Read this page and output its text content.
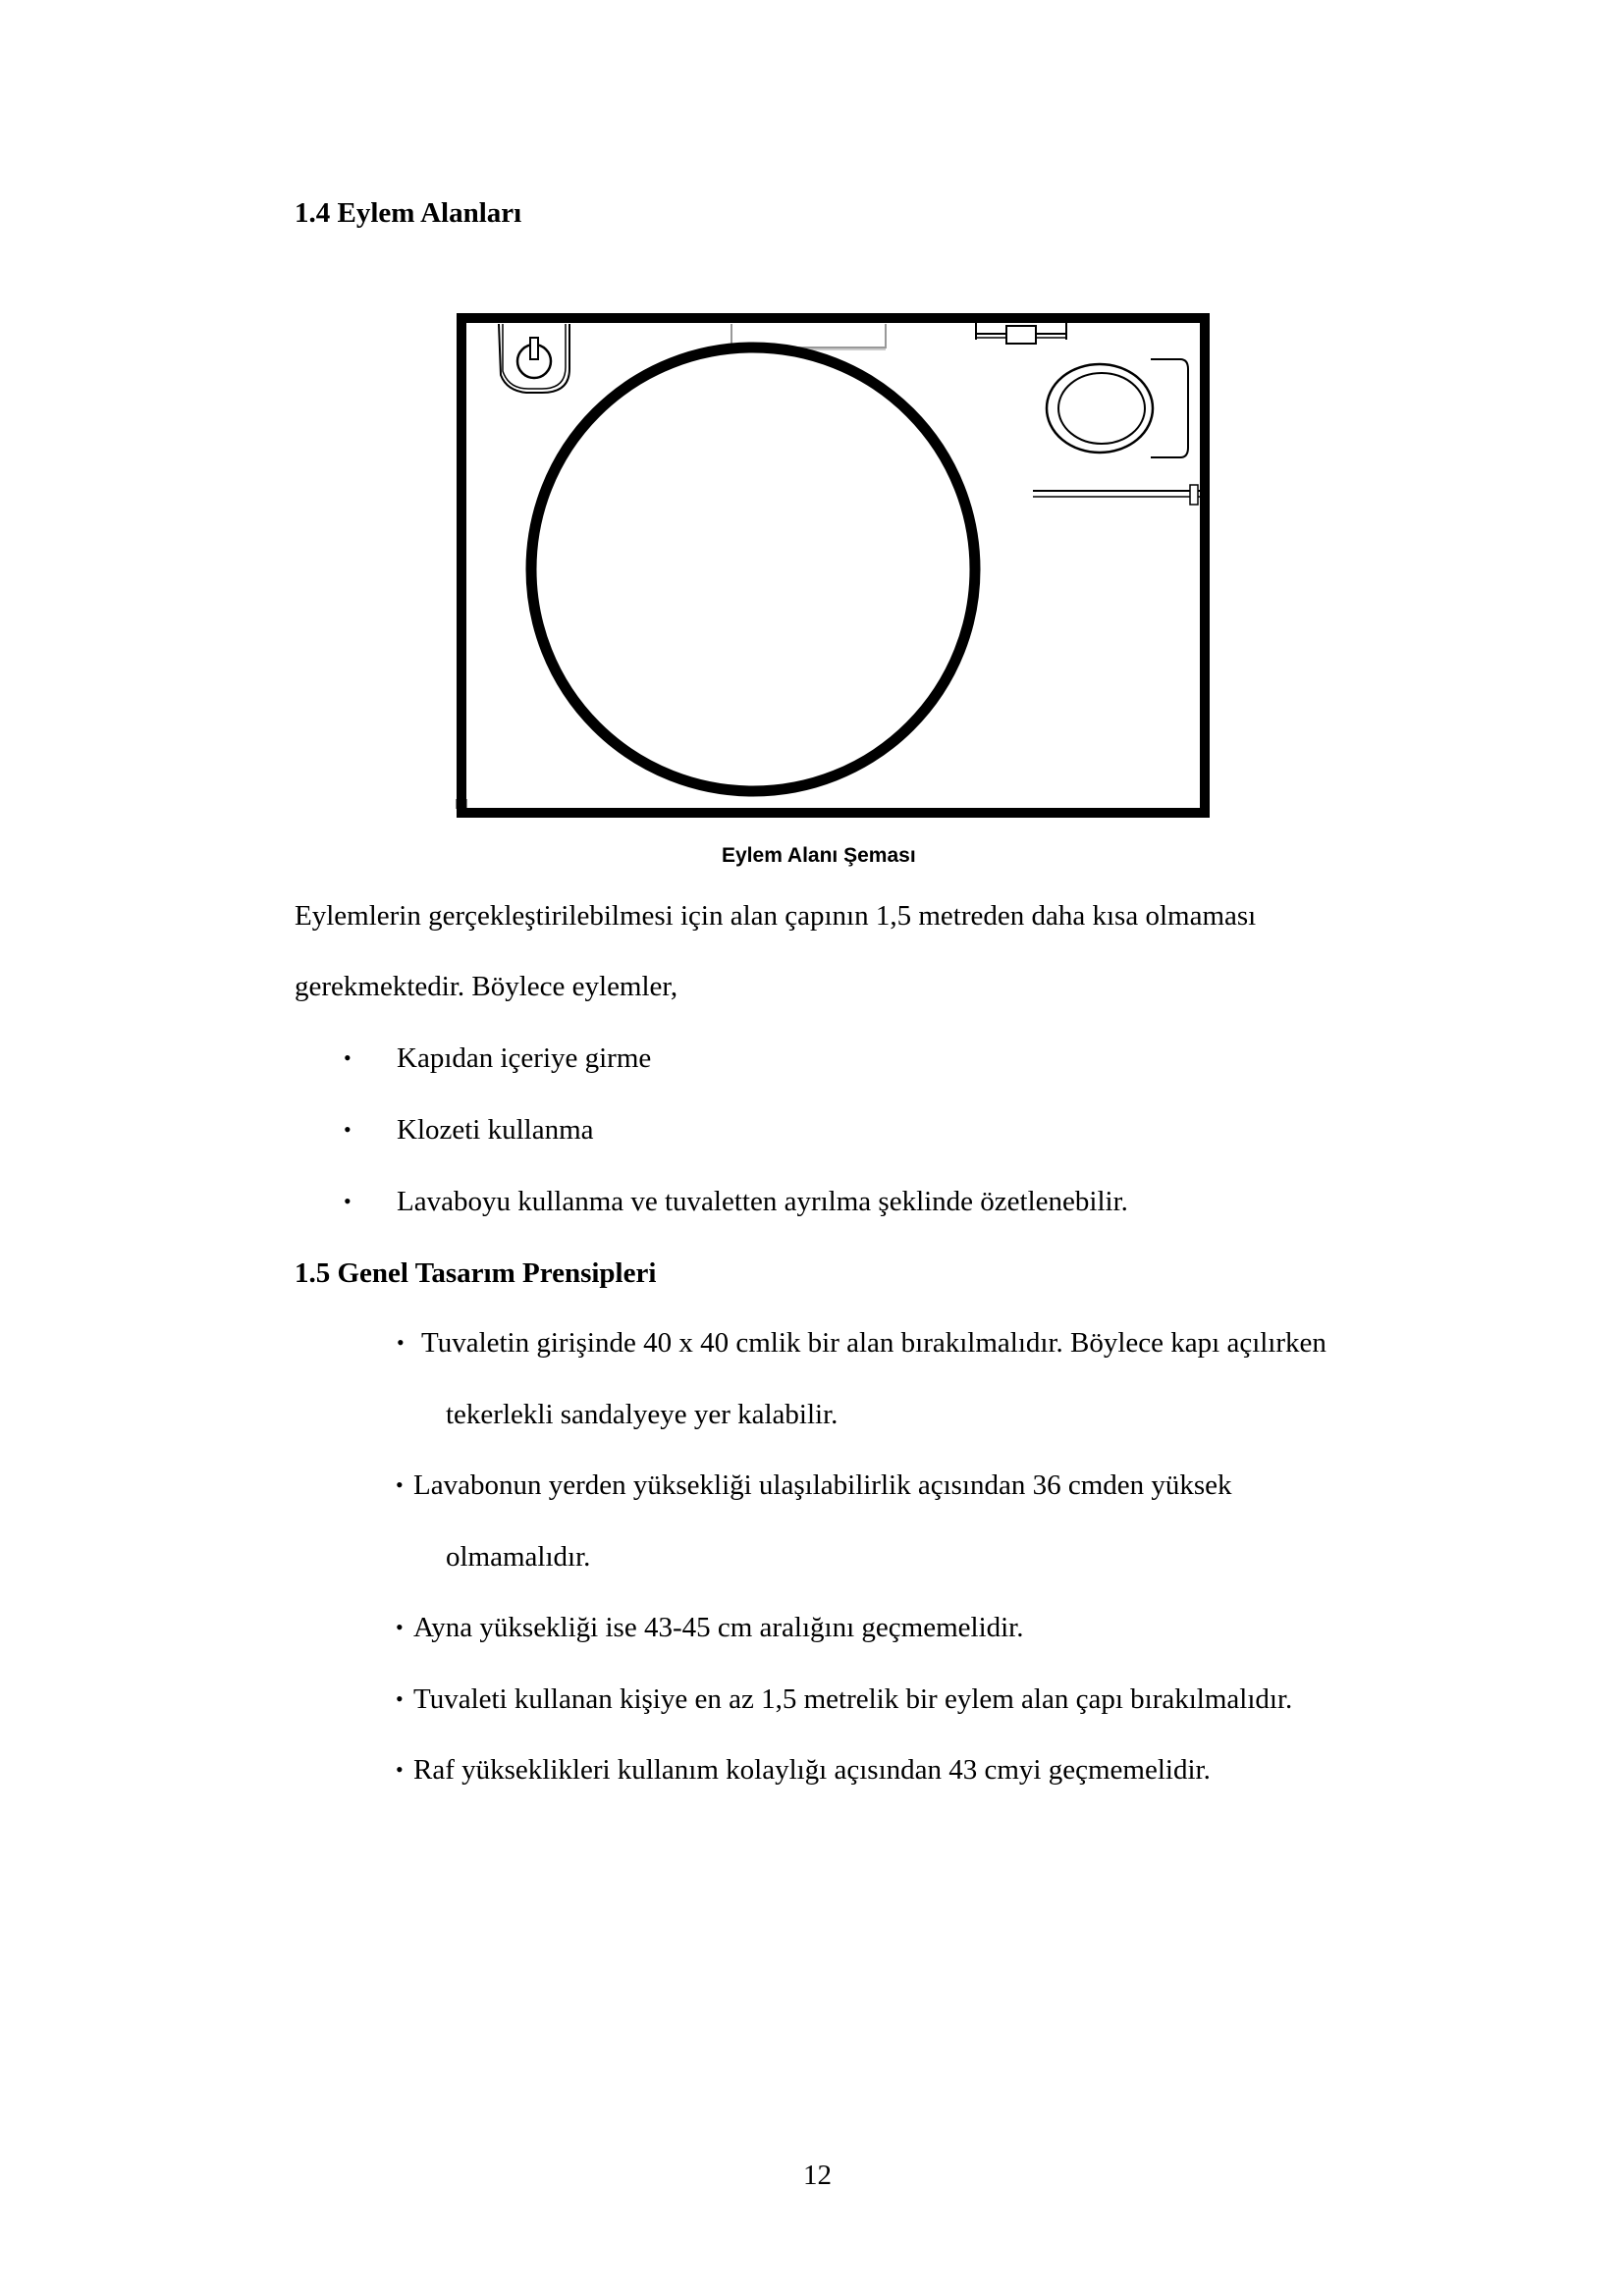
1.4 Eylem Alanları
Eylem Alanı Şeması
Eylemlerin gerçekleştirilebilmesi için alan çapının 1,5 metreden daha kısa olmaması
gerekmektedir. Böylece eylemler,
• Kapıdan içeriye girme
• Klozeti kullanma
• Lavaboyu kullanma ve tuvaletten ayrılma şeklinde özetlenebilir.
1.5 Genel Tasarım Prensipleri
• Tuvaletin girişinde 40 x 40 cmlik bir alan bırakılmalıdır. Böylece kapı açılırken
tekerlekli sandalyeye yer kalabilir.
• Lavabonun yerden yüksekliği ulaşılabilirlik açısından 36 cmden yüksek
olmamalıdır.
• Ayna yüksekliği ise 43-45 cm aralığını geçmemelidir.
• Tuvaleti kullanan kişiye en az 1,5 metrelik bir eylem alan çapı bırakılmalıdır.
• Raf yükseklikleri kullanım kolaylığı açısından 43 cmyi geçmemelidir.
12
